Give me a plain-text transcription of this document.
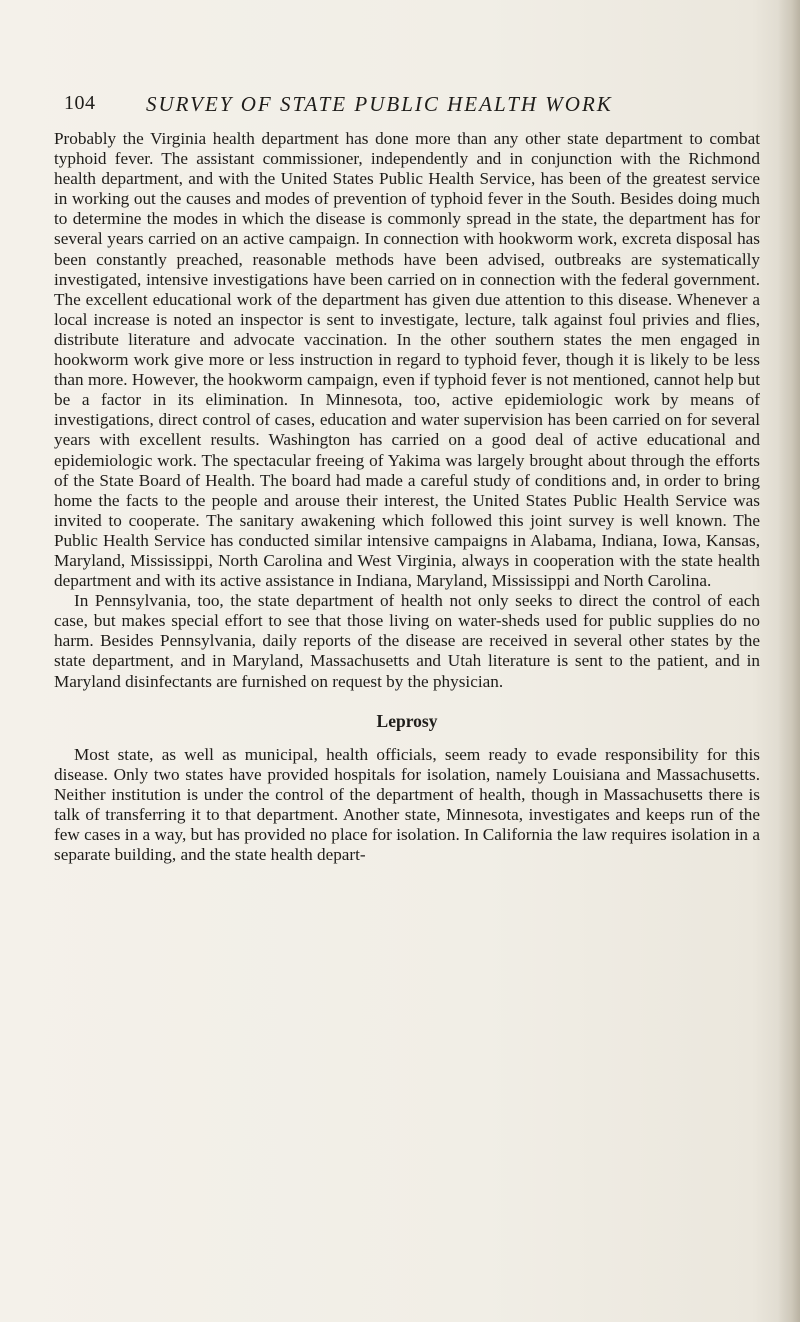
104 SURVEY OF STATE PUBLIC HEALTH WORK

Probably the Virginia health department has done more than any other state department to combat typhoid fever. The assistant commissioner, independently and in conjunction with the Richmond health department, and with the United States Public Health Service, has been of the greatest service in working out the causes and modes of prevention of typhoid fever in the South. Besides doing much to determine the modes in which the disease is commonly spread in the state, the department has for several years carried on an active campaign. In connection with hookworm work, excreta disposal has been constantly preached, reasonable methods have been advised, outbreaks are systematically investigated, intensive investigations have been carried on in connection with the federal government. The excellent educational work of the department has given due attention to this disease. Whenever a local increase is noted an inspector is sent to investigate, lecture, talk against foul privies and flies, distribute literature and advocate vaccination. In the other southern states the men engaged in hookworm work give more or less instruction in regard to typhoid fever, though it is likely to be less than more. However, the hookworm campaign, even if typhoid fever is not mentioned, cannot help but be a factor in its elimination. In Minnesota, too, active epidemiologic work by means of investigations, direct control of cases, education and water supervision has been carried on for several years with excellent results. Washington has carried on a good deal of active educational and epidemiologic work. The spectacular freeing of Yakima was largely brought about through the efforts of the State Board of Health. The board had made a careful study of conditions and, in order to bring home the facts to the people and arouse their interest, the United States Public Health Service was invited to cooperate. The sanitary awakening which followed this joint survey is well known. The Public Health Service has conducted similar intensive campaigns in Alabama, Indiana, Iowa, Kansas, Maryland, Mississippi, North Carolina and West Virginia, always in cooperation with the state health department and with its active assistance in Indiana, Maryland, Mississippi and North Carolina.

In Pennsylvania, too, the state department of health not only seeks to direct the control of each case, but makes special effort to see that those living on water-sheds used for public supplies do no harm. Besides Pennsylvania, daily reports of the disease are received in several other states by the state department, and in Maryland, Massachusetts and Utah literature is sent to the patient, and in Maryland disinfectants are furnished on request by the physician.

Leprosy

Most state, as well as municipal, health officials, seem ready to evade responsibility for this disease. Only two states have provided hospitals for isolation, namely Louisiana and Massachusetts. Neither institution is under the control of the department of health, though in Massachusetts there is talk of transferring it to that department. Another state, Minnesota, investigates and keeps run of the few cases in a way, but has provided no place for isolation. In California the law requires isolation in a separate building, and the state health depart-
